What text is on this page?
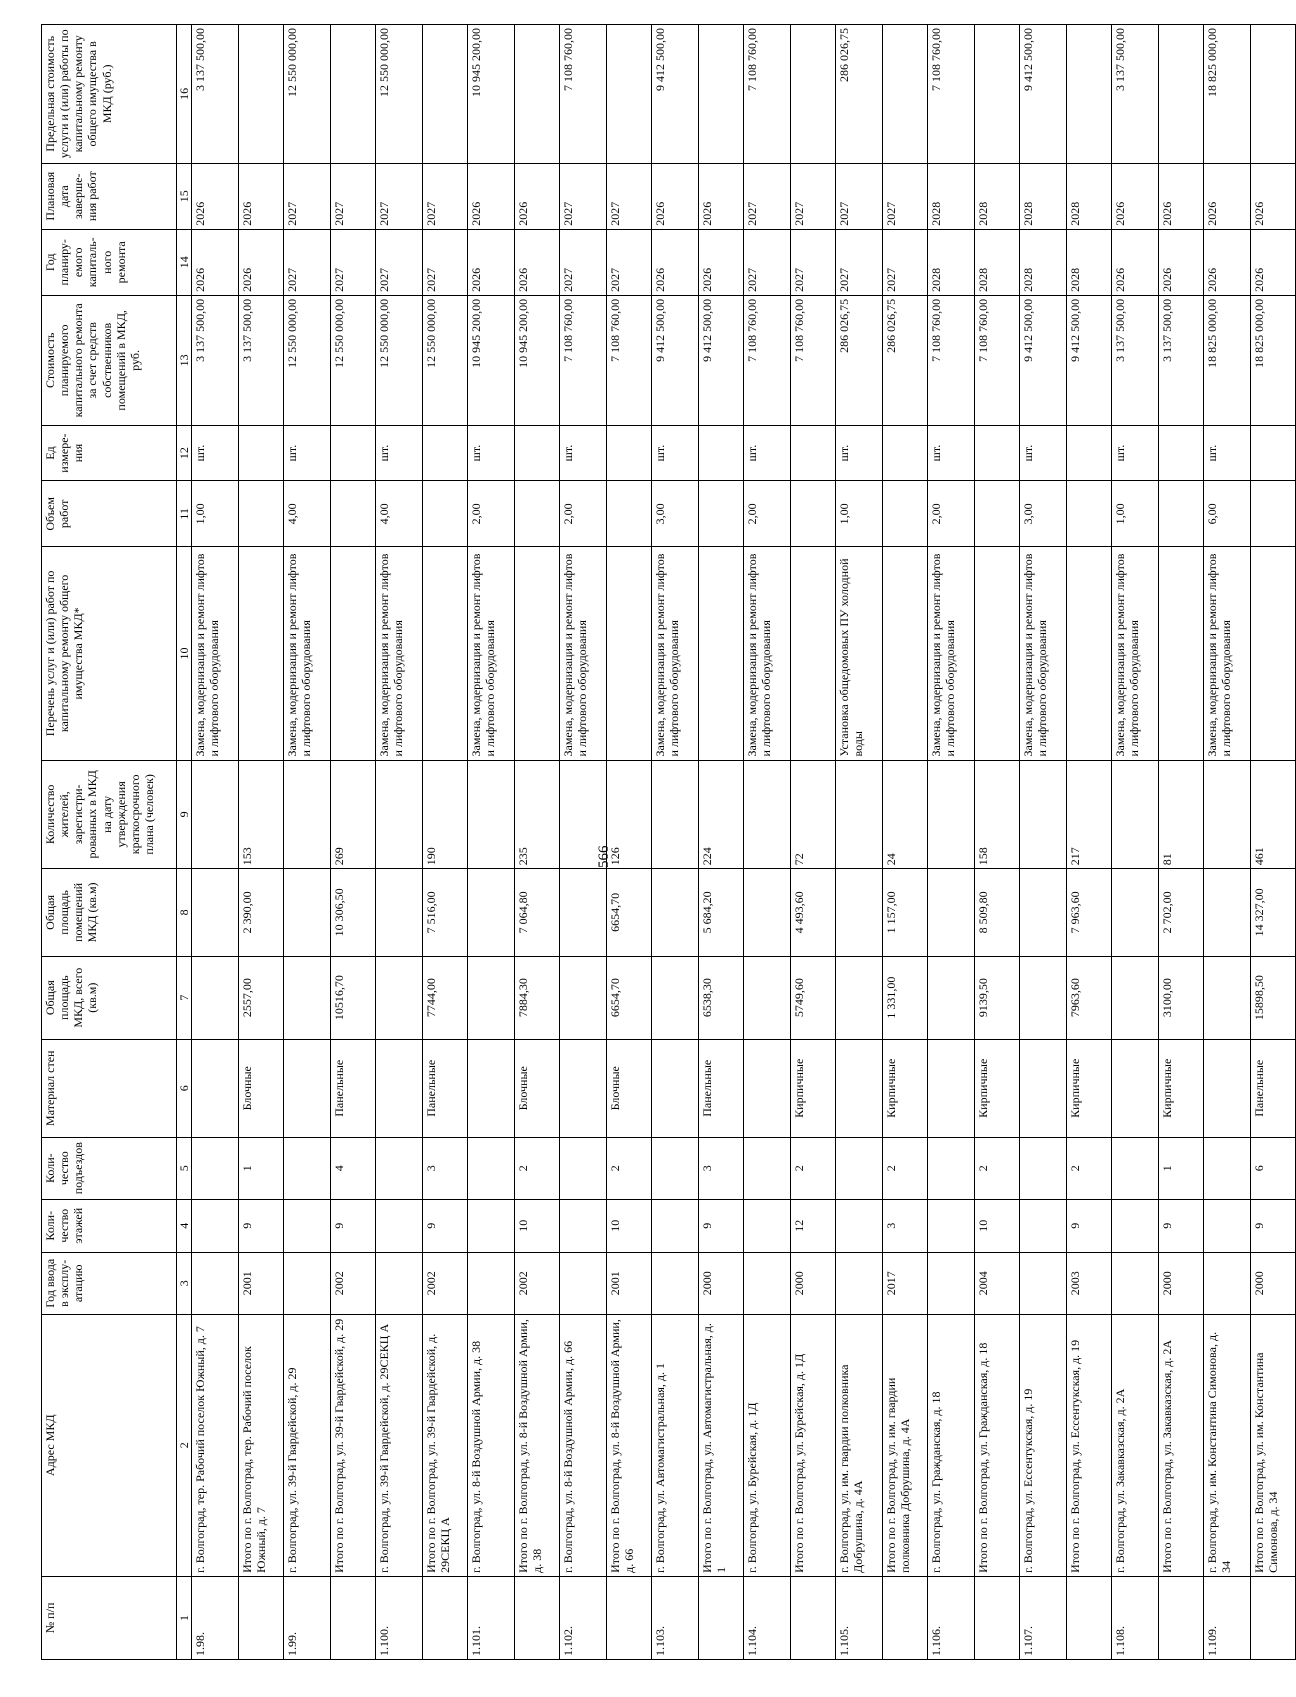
566
№ п/п	Адрес МКД	Год ввода в эксплу-атацию	Коли-чество этажей	Коли-чество подъездов	Материал стен	Общая площадь МКД, всего (кв.м)	Общая площадь помещений МКД (кв.м)	Количество жителей, зарегистри-рованных в МКД на дату утверждения краткосрочного плана (человек)	Перечень услуг и (или) работ по капитальному ремонту общего имущества МКД*	Объем работ	Ед измере-ния	Стоимость планируемого капитального ремонта за счет средств собственников помещений в МКД, руб.	Год планиру-емого капиталь-ного ремонта	Плановая дата заверше-ния работ	Предельная стоимость услуги и (или) работы по капитальному ремонту общего имущества в МКД (руб.)
1	2	3	4	5	6	7	8	9	10	11	12	13	14	15	16
1.98.	г. Волгоград, тер. Рабочий поселок Южный, д. 7								Замена, модернизация и ремонт лифтов и лифтового оборудования	1,00	шт.	3 137 500,00	2026	2026	3 137 500,00
	Итого по г. Волгоград, тер. Рабочий поселок Южный, д. 7	2001	9	1	Блочные	2557,00	2 390,00	153				3 137 500,00	2026	2026	
1.99.	г. Волгоград, ул. 39-й Гвардейской, д. 29								Замена, модернизация и ремонт лифтов и лифтового оборудования	4,00	шт.	12 550 000,00	2027	2027	12 550 000,00
	Итого по г. Волгоград, ул. 39-й Гвардейской, д. 29	2002	9	4	Панельные	10516,70	10 306,50	269				12 550 000,00	2027	2027	
1.100.	г. Волгоград, ул. 39-й Гвардейской, д. 29СЕКЦ А								Замена, модернизация и ремонт лифтов и лифтового оборудования	4,00	шт.	12 550 000,00	2027	2027	12 550 000,00
	Итого по г. Волгоград, ул. 39-й Гвардейской, д. 29СЕКЦ А	2002	9	3	Панельные	7744,00	7 516,00	190				12 550 000,00	2027	2027	
1.101.	г. Волгоград, ул. 8-й Воздушной Армии, д. 38								Замена, модернизация и ремонт лифтов и лифтового оборудования	2,00	шт.	10 945 200,00	2026	2026	10 945 200,00
	Итого по г. Волгоград, ул. 8-й Воздушной Армии, д. 38	2002	10	2	Блочные	7884,30	7 064,80	235				10 945 200,00	2026	2026	
1.102.	г. Волгоград, ул. 8-й Воздушной Армии, д. 66								Замена, модернизация и ремонт лифтов и лифтового оборудования	2,00	шт.	7 108 760,00	2027	2027	7 108 760,00
	Итого по г. Волгоград, ул. 8-й Воздушной Армии, д. 66	2001	10	2	Блочные	6654,70	6654,70	126				7 108 760,00	2027	2027	
1.103.	г. Волгоград, ул. Автомагистральная, д. 1								Замена, модернизация и ремонт лифтов и лифтового оборудования	3,00	шт.	9 412 500,00	2026	2026	9 412 500,00
	Итого по г. Волгоград, ул. Автомагистральная, д. 1	2000	9	3	Панельные	6538,30	5 684,20	224				9 412 500,00	2026	2026	
1.104.	г. Волгоград, ул. Бурейская, д. 1Д								Замена, модернизация и ремонт лифтов и лифтового оборудования	2,00	шт.	7 108 760,00	2027	2027	7 108 760,00
	Итого по г. Волгоград, ул. Бурейская, д. 1Д	2000	12	2	Кирпичные	5749,60	4 493,60	72				7 108 760,00	2027	2027	
1.105.	г. Волгоград, ул. им. гвардии полковника Добрушина, д. 4А								Установка общедомовых ПУ холодной воды	1,00	шт.	286 026,75	2027	2027	286 026,75
	Итого по г. Волгоград, ул. им. гвардии полковника Добрушина, д. 4А	2017	3	2	Кирпичные	1 331,00	1 157,00	24				286 026,75	2027	2027	
1.106.	г. Волгоград, ул. Гражданская, д. 18								Замена, модернизация и ремонт лифтов и лифтового оборудования	2,00	шт.	7 108 760,00	2028	2028	7 108 760,00
	Итого по г. Волгоград, ул. Гражданская, д. 18	2004	10	2	Кирпичные	9139,50	8 509,80	158				7 108 760,00	2028	2028	
1.107.	г. Волгоград, ул. Ессентукская, д. 19								Замена, модернизация и ремонт лифтов и лифтового оборудования	3,00	шт.	9 412 500,00	2028	2028	9 412 500,00
	Итого по г. Волгоград, ул. Ессентукская, д. 19	2003	9	2	Кирпичные	7963,60	7 963,60	217				9 412 500,00	2028	2028	
1.108.	г. Волгоград, ул. Закавказская, д. 2А								Замена, модернизация и ремонт лифтов и лифтового оборудования	1,00	шт.	3 137 500,00	2026	2026	3 137 500,00
	Итого по г. Волгоград, ул. Закавказская, д. 2А	2000	9	1	Кирпичные	3100,00	2 702,00	81				3 137 500,00	2026	2026	
1.109.	г. Волгоград, ул. им. Константина Симонова, д. 34								Замена, модернизация и ремонт лифтов и лифтового оборудования	6,00	шт.	18 825 000,00	2026	2026	18 825 000,00
	Итого по г. Волгоград, ул. им. Константина Симонова, д. 34	2000	9	6	Панельные	15898,50	14 327,00	461				18 825 000,00	2026	2026	
